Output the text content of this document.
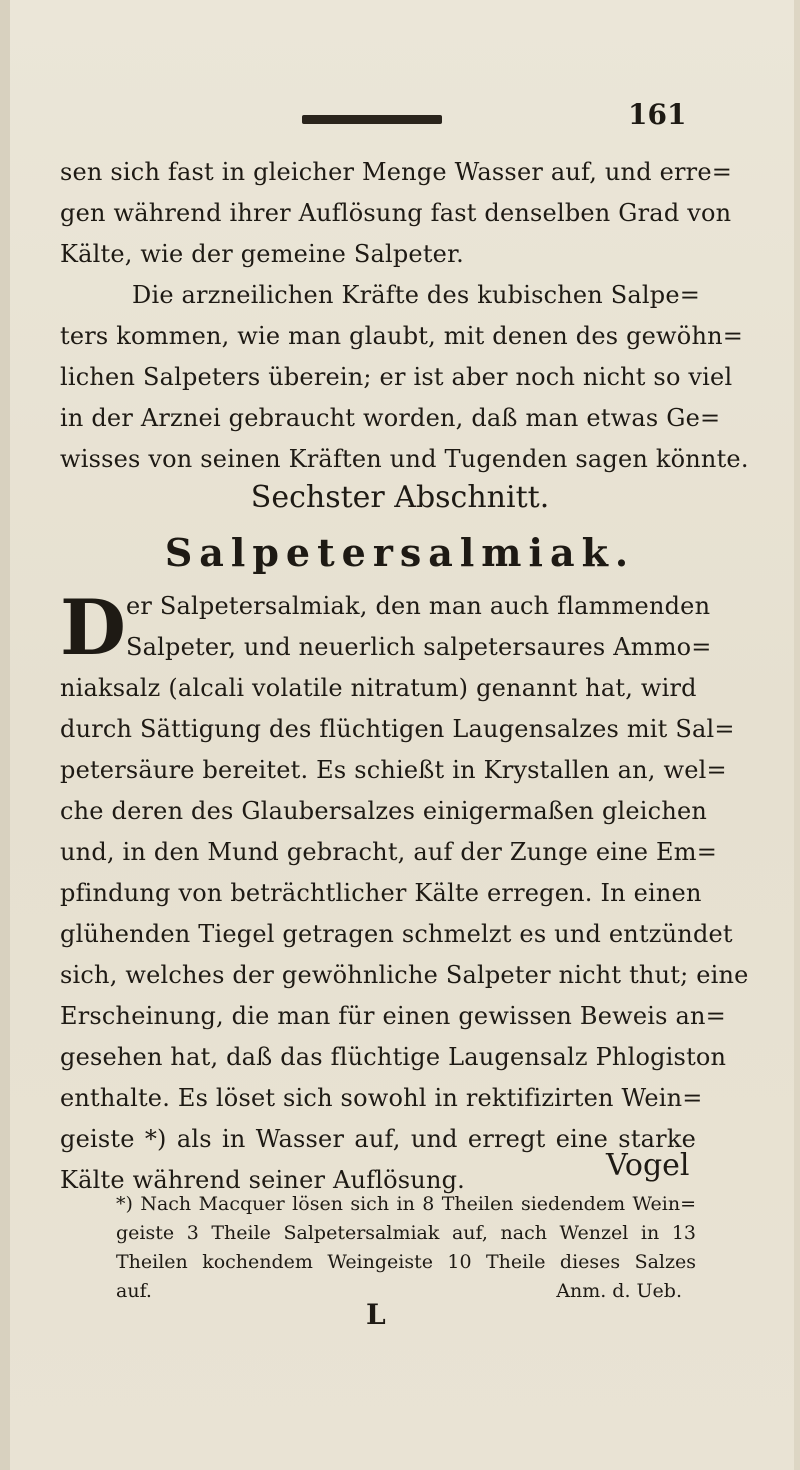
161
sen sich fast in gleicher Menge Wasser auf, und erre=
gen während ihrer Auflösung fast denselben Grad von
Kälte, wie der gemeine Salpeter.
Die arzneilichen Kräfte des kubischen Salpe=
ters kommen, wie man glaubt, mit denen des gewöhn=
lichen Salpeters überein; er ist aber noch nicht so viel
in der Arznei gebraucht worden, daß man etwas Ge=
wisses von seinen Kräften und Tugenden sagen könnte.
Sechster Abschnitt.
Salpetersalmiak.
D er Salpetersalmiak, den man auch flammenden
Salpeter, und neuerlich salpetersaures Ammo=
niaksalz (alcali volatile nitratum) genannt hat, wird
durch Sättigung des flüchtigen Laugensalzes mit Sal=
petersäure bereitet. Es schießt in Krystallen an, wel=
che deren des Glaubersalzes einigermaßen gleichen
und, in den Mund gebracht, auf der Zunge eine Em=
pfindung von beträchtlicher Kälte erregen. In einen
glühenden Tiegel getragen schmelzt es und entzündet
sich, welches der gewöhnliche Salpeter nicht thut; eine
Erscheinung, die man für einen gewissen Beweis an=
gesehen hat, daß das flüchtige Laugensalz Phlogiston
enthalte. Es löset sich sowohl in rektifizirten Wein=
geiste *) als in Wasser auf, und erregt eine starke
Kälte während seiner Auflösung.	Vogel
*) Nach Macquer lösen sich in 8 Theilen siedendem Wein=
geiste 3 Theile Salpetersalmiak auf, nach Wenzel in 13
Theilen kochendem Weingeiste 10 Theile dieses Salzes
auf.	Anm. d. Ueb.
L
